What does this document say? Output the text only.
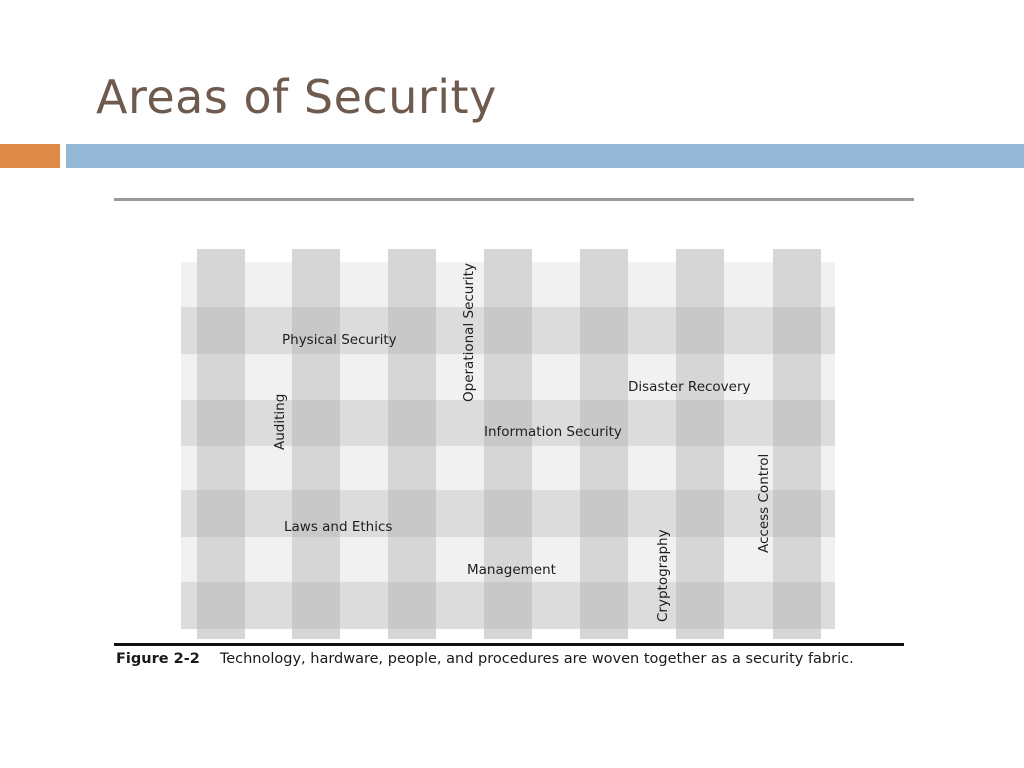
Areas of Security
Physical Security	Operational Security	Disaster Recovery
Auditing	Information Security
Access Control
Laws and Ethics
Cryptography
Management
Figure 2-2 Technology, hardware, people, and procedures are woven together as a security fabric.
